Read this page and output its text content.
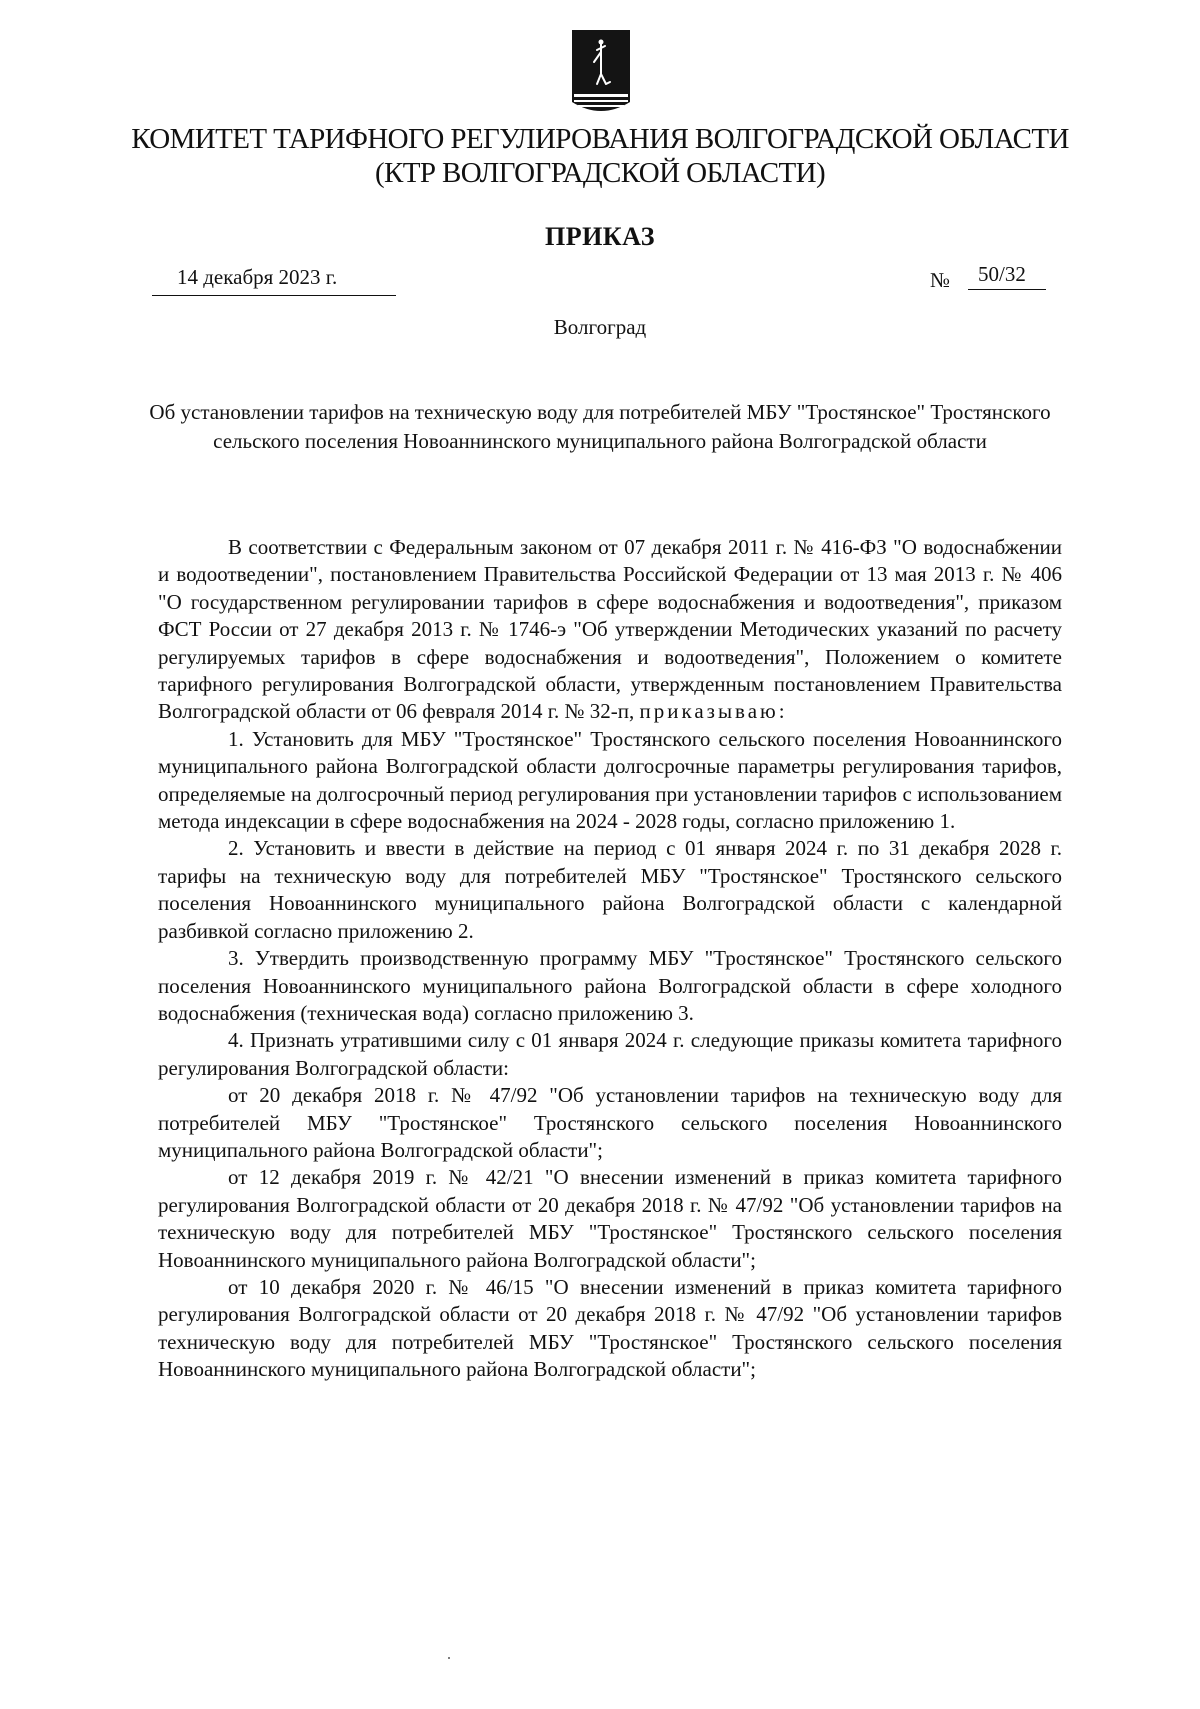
КОМИТЕТ ТАРИФНОГО РЕГУЛИРОВАНИЯ ВОЛГОГРАДСКОЙ ОБЛАСТИ
(КТР ВОЛГОГРАДСКОЙ ОБЛАСТИ)
ПРИКАЗ
14 декабря 2023 г.	№	50/32
Волгоград
Об установлении тарифов на техническую воду для потребителей МБУ "Тростянское" Тростянского сельского поселения Новоаннинского муниципального района Волгоградской области

В соответствии с Федеральным законом от 07 декабря 2011 г. № 416-ФЗ "О водоснабжении и водоотведении", постановлением Правительства Российской Федерации от 13 мая 2013 г. № 406 "О государственном регулировании тарифов в сфере водоснабжения и водоотведения", приказом ФСТ России от 27 декабря 2013 г. № 1746-э "Об утверждении Методических указаний по расчету регулируемых тарифов в сфере водоснабжения и водоотведения", Положением о комитете тарифного регулирования Волгоградской области, утвержденным постановлением Правительства Волгоградской области от 06 февраля 2014 г. № 32-п, приказываю:

1. Установить для МБУ "Тростянское" Тростянского сельского поселения Новоаннинского муниципального района Волгоградской области долгосрочные параметры регулирования тарифов, определяемые на долгосрочный период регулирования при установлении тарифов с использованием метода индексации в сфере водоснабжения на 2024 - 2028 годы, согласно приложению 1.

2. Установить и ввести в действие на период с 01 января 2024 г. по 31 декабря 2028 г. тарифы на техническую воду для потребителей МБУ "Тростянское" Тростянского сельского поселения Новоаннинского муниципального района Волгоградской области с календарной разбивкой согласно приложению 2.

3. Утвердить производственную программу МБУ "Тростянское" Тростянского сельского поселения Новоаннинского муниципального района Волгоградской области в сфере холодного водоснабжения (техническая вода) согласно приложению 3.

4. Признать утратившими силу с 01 января 2024 г. следующие приказы комитета тарифного регулирования Волгоградской области:

от 20 декабря 2018 г. № 47/92 "Об установлении тарифов на техническую воду для потребителей МБУ "Тростянское" Тростянского сельского поселения Новоаннинского муниципального района Волгоградской области";

от 12 декабря 2019 г. № 42/21 "О внесении изменений в приказ комитета тарифного регулирования Волгоградской области от 20 декабря 2018 г. № 47/92 "Об установлении тарифов на техническую воду для потребителей МБУ "Тростянское" Тростянского сельского поселения Новоаннинского муниципального района Волгоградской области";

от 10 декабря 2020 г. № 46/15 "О внесении изменений в приказ комитета тарифного регулирования Волгоградской области от 20 декабря 2018 г. № 47/92 "Об установлении тарифов техническую воду для потребителей МБУ "Тростянское" Тростянского сельского поселения Новоаннинского муниципального района Волгоградской области";
